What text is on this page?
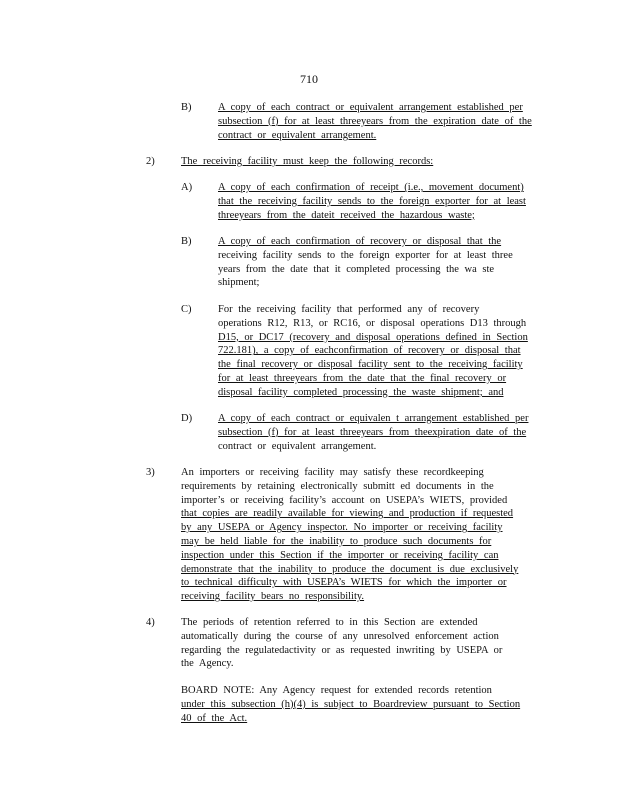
710
B)	A copy of each contract or equivalent arrangement established per
subsection (f) for at least threeyears from the expiration date of the
contract or equivalent arrangement.
2)	The receiving facility must keep the following records:
A) A copy of each confirmation of receipt (i.e., movement document)
that the receiving facility sends to the foreign exporter for at least
threeyears from the dateit received the hazardous waste;
B)	A copy of each confirmation of recovery or disposal that the
receiving facility sends to the foreign exporter for at least three
years from the date that it completed processing the wa ste
shipment;
C)	For the receiving facility that performed any of recovery
operations R12, R13, or RC16, or disposal operations D13 through
D15, or DC17 (recovery and disposal operations defined in Section
722.181), a copy of eachconfirmation of recovery or disposal that
the final recovery or disposal facility sent to the receiving facility
for at least threeyears from the date that the final recovery or
disposal facility completed processing the waste shipment; and
D) A copy of each contract or equivalen t arrangement established per
subsection (f) for at least threeyears from theexpiration date of the
contract or equivalent arrangement.
3)	An importers or receiving facility may satisfy these recordkeeping
requirements by retaining electronically submitt ed documents in the
importer’s or receiving facility’s account on USEPA’s WIETS, provided
that copies are readily available for viewing and production if requested
by any USEPA or Agency inspector. No importer or receiving facility
may be held liable for the inability to produce such documents for
inspection under this Section if the importer or receiving facility can
demonstrate that the inability to produce the document is due exclusively
to technical difficulty with USEPA’s WIETS for which the importer or
receiving facility bears no responsibility.
4)	The periods of retention referred to in this Section are extended
automatically during the course of any unresolved enforcement action
regarding the regulatedactivity or as requested inwriting by USEPA or
the Agency.
BOARD NOTE: Any Agency request for extended records retention
under this subsection (h)(4) is subject to Boardreview pursuant to Section
40 of the Act.
